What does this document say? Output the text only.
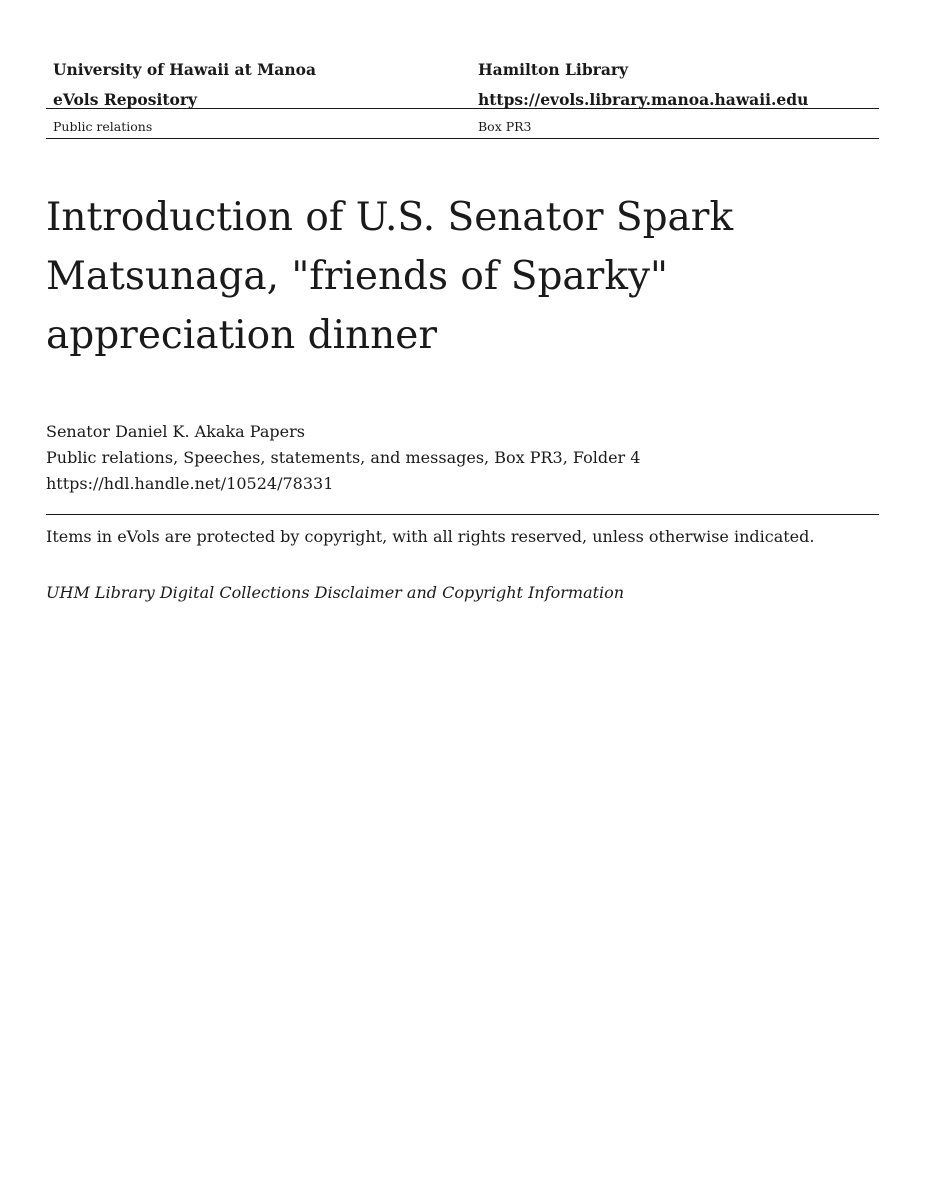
University of Hawaii at Manoa	Hamilton Library
eVols Repository	https://evols.library.manoa.hawaii.edu
Public relations	Box PR3
Introduction of U.S. Senator Spark Matsunaga, "friends of Sparky" appreciation dinner
Senator Daniel K. Akaka Papers
Public relations, Speeches, statements, and messages, Box PR3, Folder 4
https://hdl.handle.net/10524/78331
Items in eVols are protected by copyright, with all rights reserved, unless otherwise indicated.
UHM Library Digital Collections Disclaimer and Copyright Information
